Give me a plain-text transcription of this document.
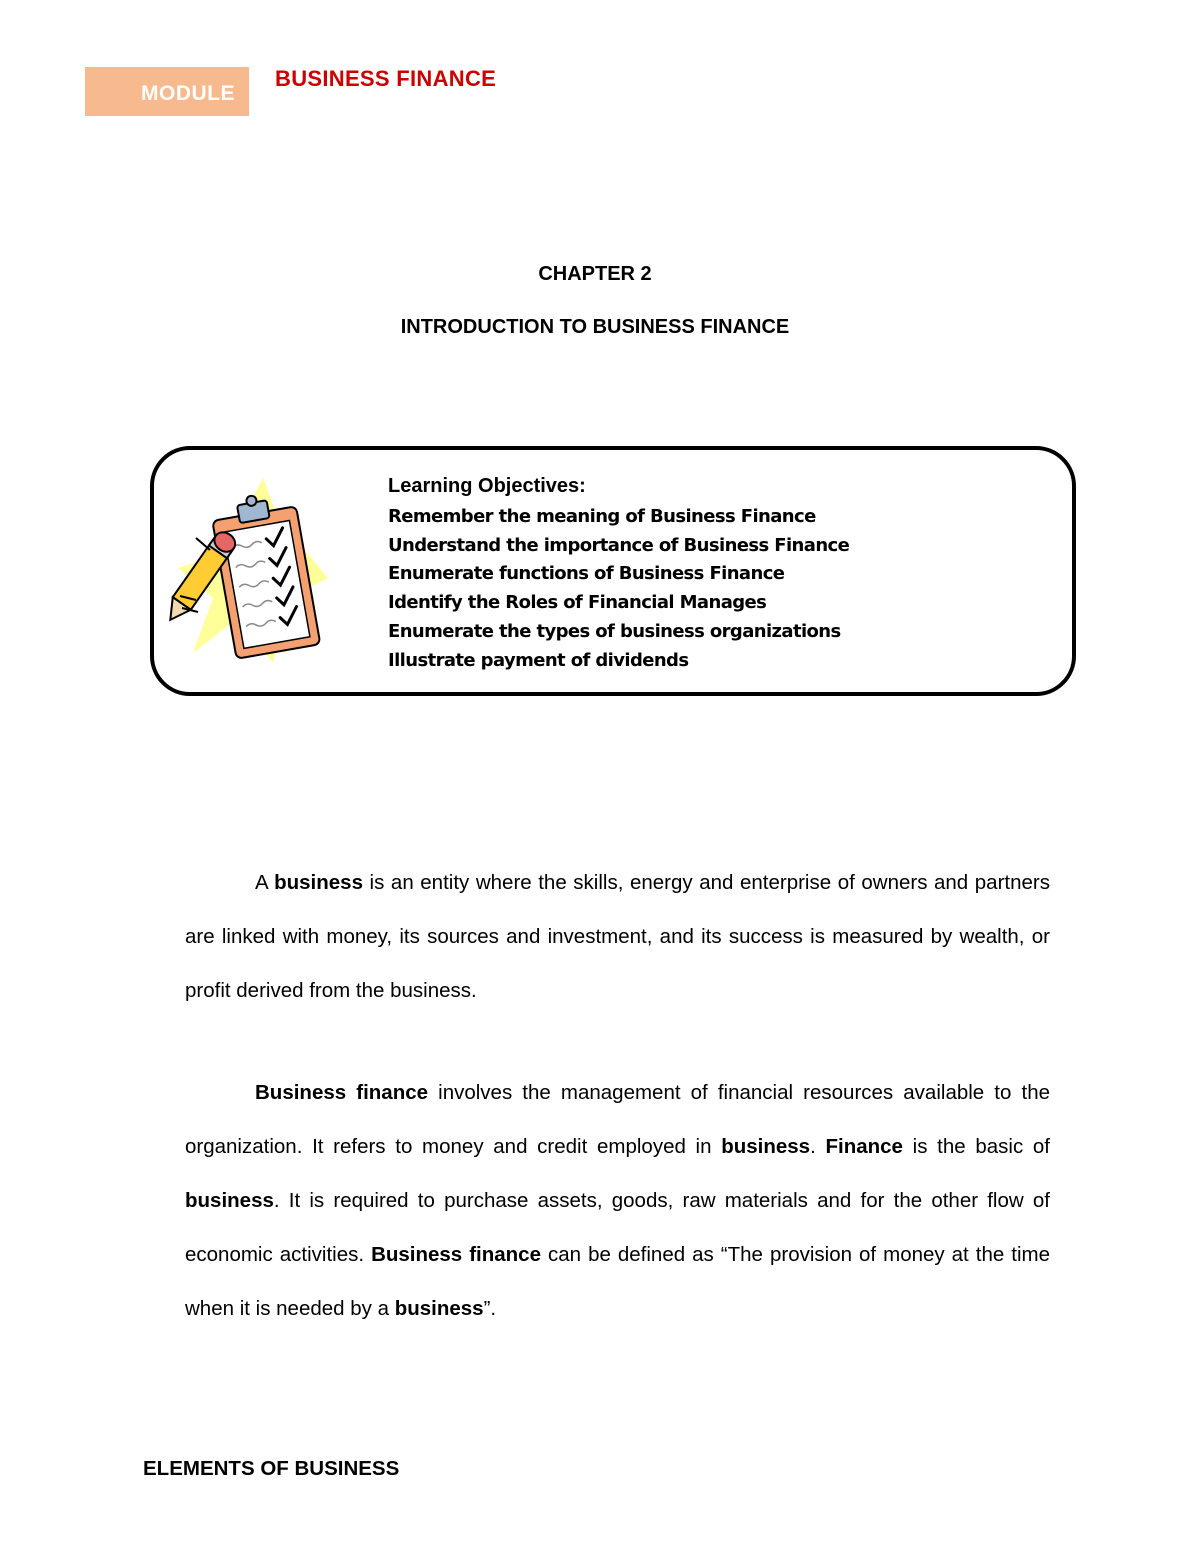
MODULE
BUSINESS FINANCE
CHAPTER 2
INTRODUCTION TO BUSINESS FINANCE

Learning Objectives:

Remember the meaning of Business Finance

Understand the importance of Business Finance

Enumerate functions of Business Finance

Identify the Roles of Financial Manages

Enumerate the types of business organizations

Illustrate payment of dividends

A business is an entity where the skills, energy and enterprise of owners and partners are linked with money, its sources and investment, and its success is measured by wealth, or profit derived from the business.

Business finance involves the management of financial resources available to the organization. It refers to money and credit employed in business. Finance is the basic of business. It is required to purchase assets, goods, raw materials and for the other flow of economic activities. Business finance can be defined as “The provision of money at the time when it is needed by a business”.

ELEMENTS OF BUSINESS
